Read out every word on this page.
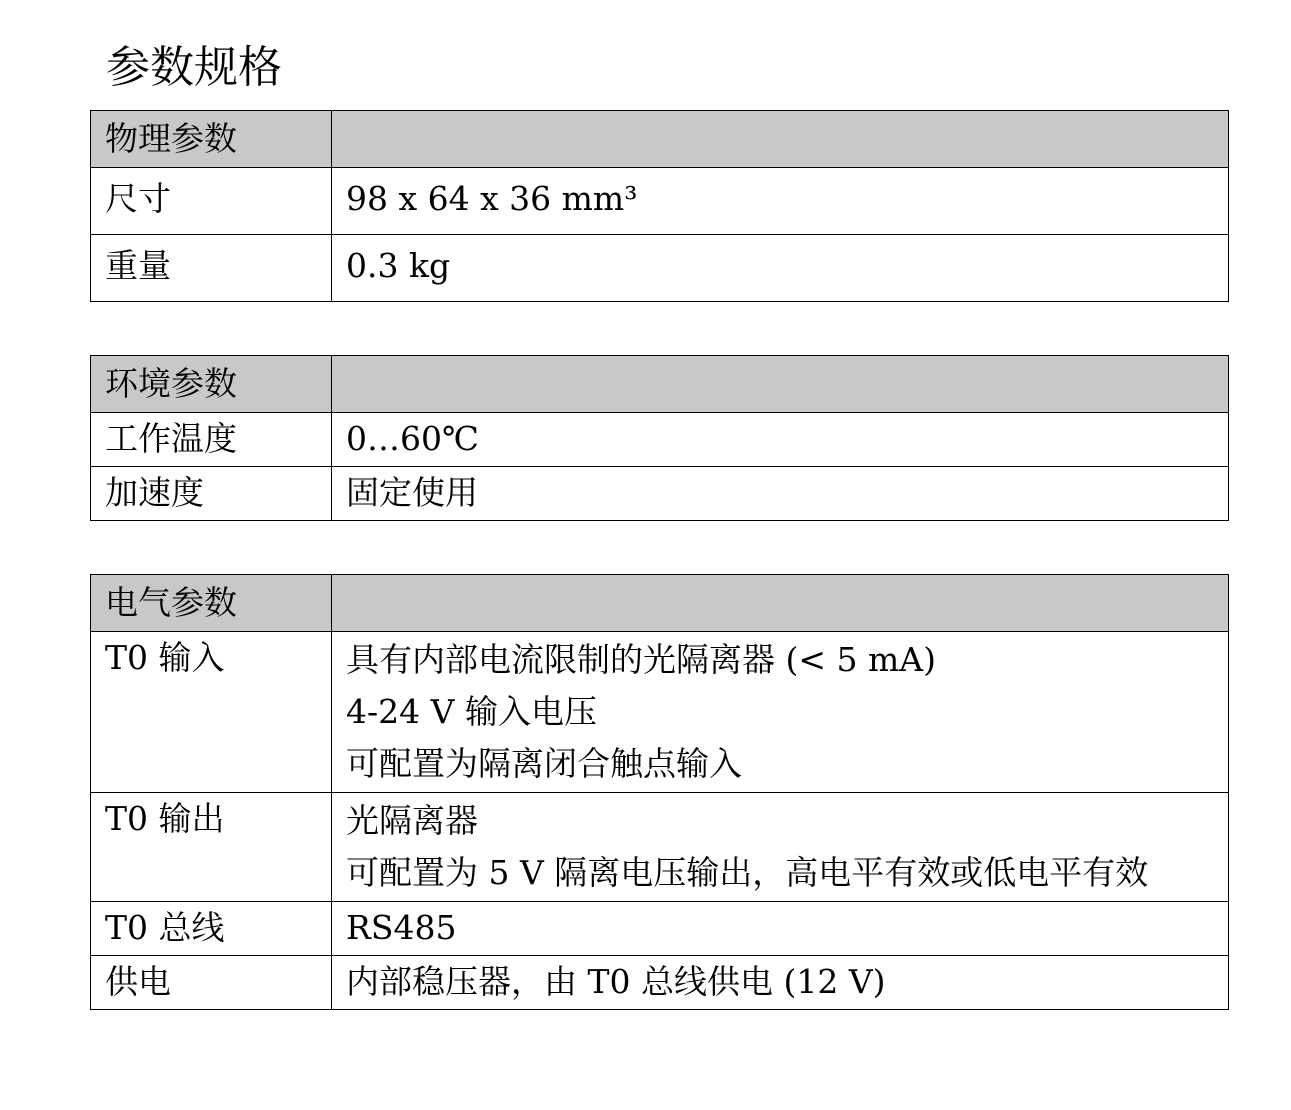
参数规格
物理参数	
尺寸	98 x 64 x 36 mm³
重量	0.3 kg
环境参数	
工作温度	0…60℃
加速度	固定使用
电气参数	
T0 输入	具有内部电流限制的光隔离器 (< 5 mA)
4-24 V 输入电压
可配置为隔离闭合触点输入

T0 输出	光隔离器
可配置为 5 V 隔离电压输出，高电平有效或低电平有效

T0 总线	RS485

供电	内部稳压器，由 T0 总线供电 (12 V)
